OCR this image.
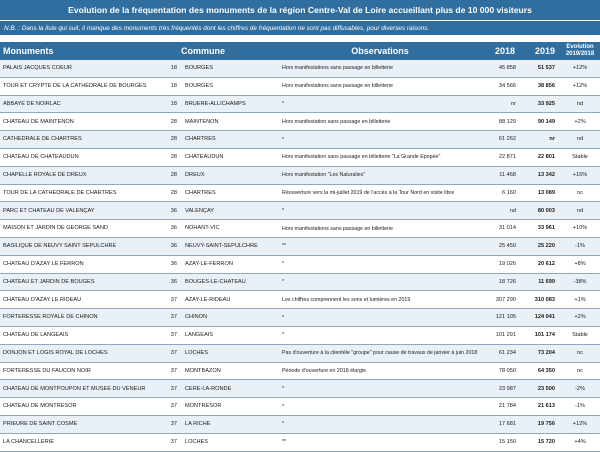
Evolution de la fréquentation des monuments de la région Centre-Val de Loire accueillant plus de 10 000 visiteurs
N.B. : Dans la liste qui suit, il manque des monuments très fréquentés dont les chiffres de fréquentation ne sont pas diffusables, pour diverses raisons.
Monuments		Commune	Observations	2018	2019	Evolution 2019/2018
PALAIS JACQUES COEUR	18	BOURGES	Hors manifestations sans passage en billetterie	45 858	51 537	+12%
TOUR ET CRYPTE DE LA CATHEDRALE DE BOURGES	18	BOURGES	Hors manifestations sans passage en billetterie	34 566	38 856	+12%
ABBAYE DE NOIRLAC	18	BRUERE-ALLICHAMPS	*	nr	33 925	nd
CHATEAU DE MAINTENON	28	MAINTENON	Hors manifestation sans passage en billetterie	88 129	90 149	+2%
CATHEDRALE DE CHARTRES	28	CHARTRES	*	61 262	nr	nd
CHATEAU DE CHATEAUDUN	28	CHATEAUDUN	Hors manifestation sans passage en billetterie "La Grande Epopée"	22 871	22 801	Stable
CHAPELLE ROYALE DE DREUX	28	DREUX	Hors manifestation "Les Naturalies"	11 468	13 342	+16%
TOUR DE LA CATHEDRALE DE CHARTRES	28	CHARTRES	Réouverture vers la mi-juillet 2019 de l'accès à la Tour Nord en visite libre	6 160	13 089	nc
PARC ET CHATEAU DE VALENÇAY	36	VALENÇAY	*	nd	80 003	nd
MAISON ET JARDIN DE GEORGE SAND	36	NOHANT-VIC	Hors manifestations sans passage en billetterie	31 014	33 961	+10%
BASILIQUE DE NEUVY SAINT SEPULCHRE	36	NEUVY-SAINT-SEPULCHRE	**	25 450	25 220	-1%
CHATEAU D'AZAY LE FERRON	36	AZAY-LE-FERRON	*	19 026	20 612	+8%
CHATEAU ET JARDIN DE BOUGES	36	BOUGES-LE-CHATEAU	*	18 726	11 699	-38%
CHATEAU D'AZAY LE RIDEAU	37	AZAY-LE-RIDEAU	Les chiffres comprennent les sons et lumières en 2019	307 290	310 083	+1%
FORTERESSE ROYALE DE CHINON	37	CHINON	*	121 105	124 041	+2%
CHATEAU DE LANGEAIS	37	LANGEAIS	*	101 291	101 174	Stable
DONJON ET LOGIS ROYAL DE LOCHES	37	LOCHES	Pas d'ouverture à la clientèle "groupe" pour cause de travaux de janvier à juin 2018	61 234	73 204	nc
FORTERESSE DU FAUCON NOIR	37	MONTBAZON	Période d'ouverture en 2018 élargie	78 050	64 350	nc
CHATEAU DE MONTPOUPON ET MUSEE DU VENEUR	37	CERE-LA-RONDE	*	23 987	23 500	-2%
CHATEAU DE MONTRESOR	37	MONTRESOR	*	21 784	21 613	-1%
PRIEURE DE SAINT COSME	37	LA RICHE	*	17 681	19 756	+12%
LA CHANCELLERIE	37	LOCHES	**	15 150	15 720	+4%
